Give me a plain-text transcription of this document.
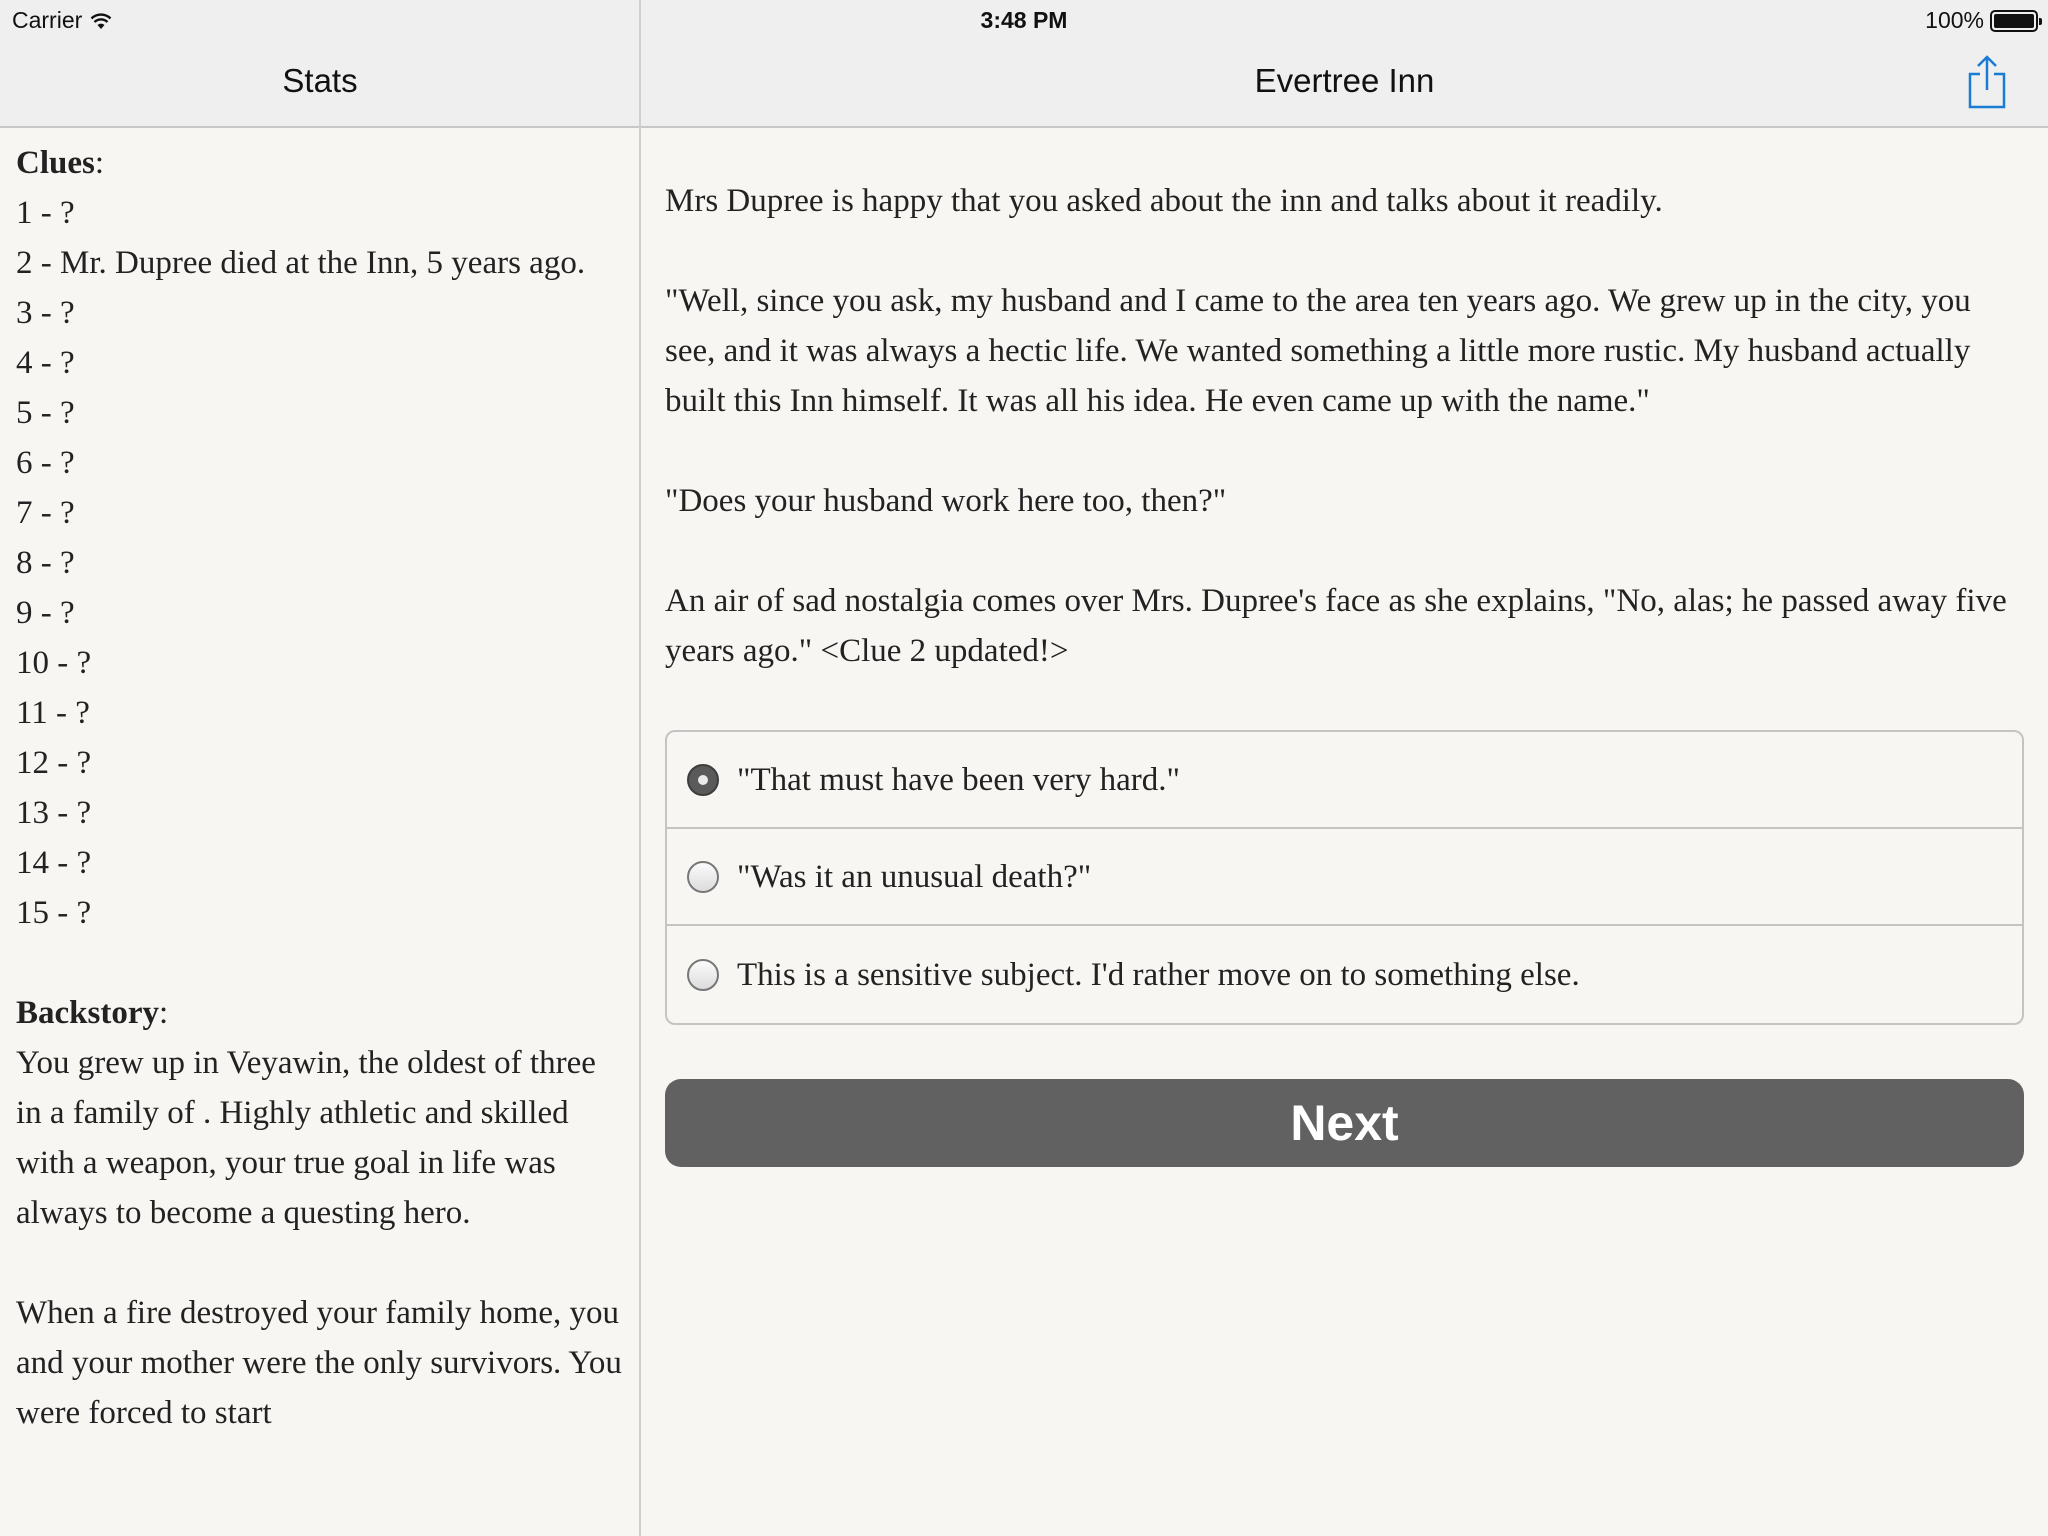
Carrier	3:48 PM	100%
Stats	Evertree Inn
Clues:
1 - ?
2 - Mr. Dupree died at the Inn, 5 years ago.
3 - ?
4 - ?
5 - ?
6 - ?
7 - ?
8 - ?
9 - ?
10 - ?
11 - ?
12 - ?
13 - ?
14 - ?
15 - ?
Backstory:

You grew up in Veyawin, the oldest of three in a family of . Highly athletic and skilled with a weapon, your true goal in life was always to become a questing hero.

When a fire destroyed your family home, you and your mother were the only survivors. You were forced to start

Mrs Dupree is happy that you asked about the inn and talks about it readily.

"Well, since you ask, my husband and I came to the area ten years ago. We grew up in the city, you see, and it was always a hectic life. We wanted something a little more rustic. My husband actually built this Inn himself. It was all his idea. He even came up with the name."

"Does your husband work here too, then?"

An air of sad nostalgia comes over Mrs. Dupree's face as she explains, "No, alas; he passed away five years ago." <Clue 2 updated!>

"That must have been very hard."
"Was it an unusual death?"
This is a sensitive subject. I'd rather move on to something else.
Next
